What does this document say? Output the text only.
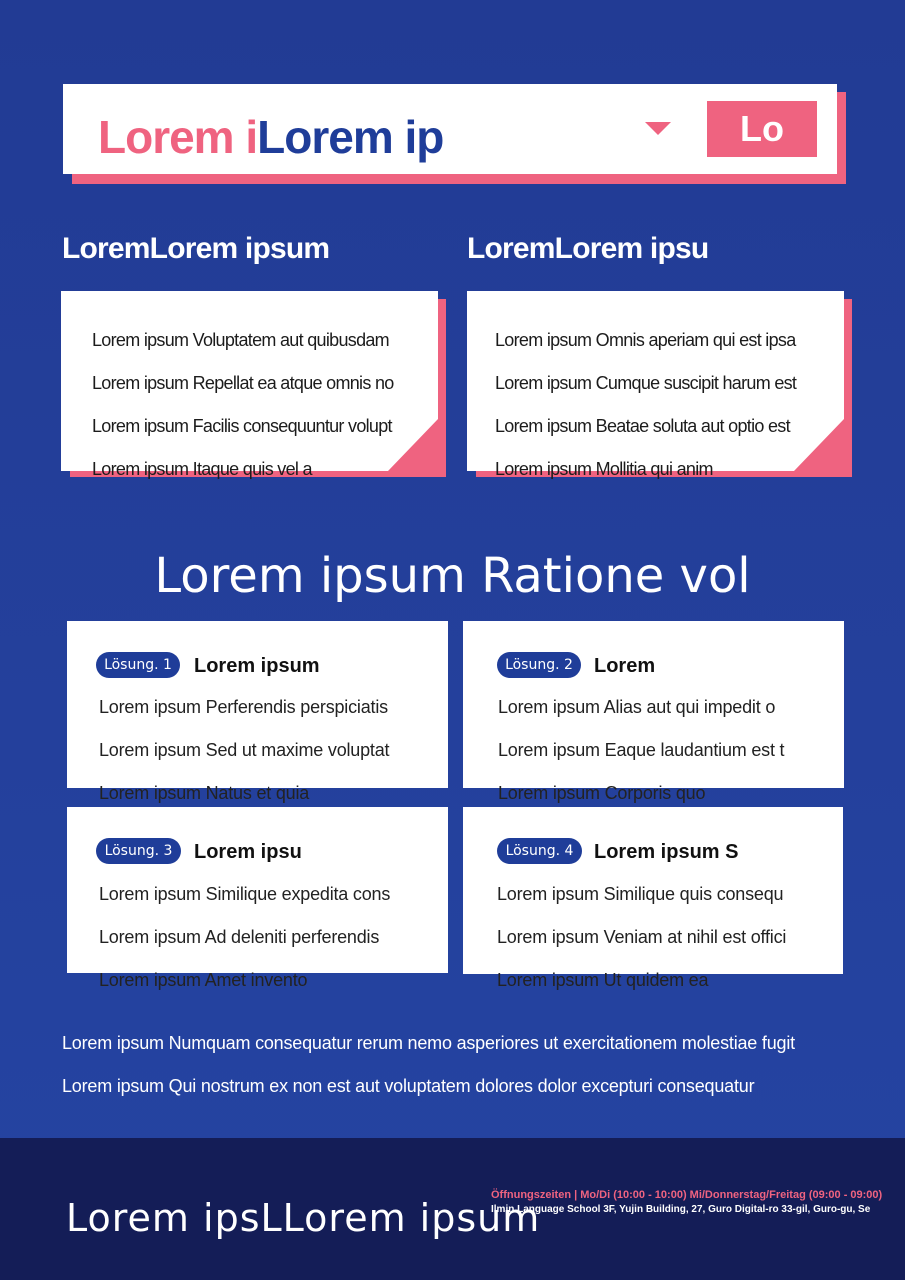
Lorem iLorem ip	Lo
LoremLorem ipsum	LoremLorem ipsu
Lorem ipsum Voluptatem aut quibusdam
Lorem ipsum Repellat ea atque omnis no
Lorem ipsum Facilis consequuntur volupt
Lorem ipsum Itaque quis vel a
Lorem ipsum Omnis aperiam qui est ipsa
Lorem ipsum Cumque suscipit harum est
Lorem ipsum Beatae soluta aut optio est
Lorem ipsum Mollitia qui anim
Lorem ipsum Ratione vol
Lösung. 1	Lorem ipsum
Lorem ipsum Perferendis perspiciatis
Lorem ipsum Sed ut maxime voluptat
Lorem ipsum Natus et quia
Lösung. 2	Lorem
Lorem ipsum Alias aut qui impedit o
Lorem ipsum Eaque laudantium est t
Lorem ipsum Corporis quo
Lösung. 3	Lorem ipsu
Lorem ipsum Similique expedita cons
Lorem ipsum Ad deleniti perferendis
Lorem ipsum Amet invento
Lösung. 4	Lorem ipsum S
Lorem ipsum Similique quis consequ
Lorem ipsum Veniam at nihil est offici
Lorem ipsum Ut quidem ea
Lorem ipsum Numquam consequatur rerum nemo asperiores ut exercitationem molestiae fugit
Lorem ipsum Qui nostrum ex non est aut voluptatem dolores dolor excepturi consequatur
Lorem ipsLLorem ipsum
Öffnungszeiten | Mo/Di (10:00 - 10:00) Mi/Donnerstag/Freitag (09:00 - 09:00)
Ilmin Language School 3F, Yujin Building, 27, Guro Digital-ro 33-gil, Guro-gu, Se
